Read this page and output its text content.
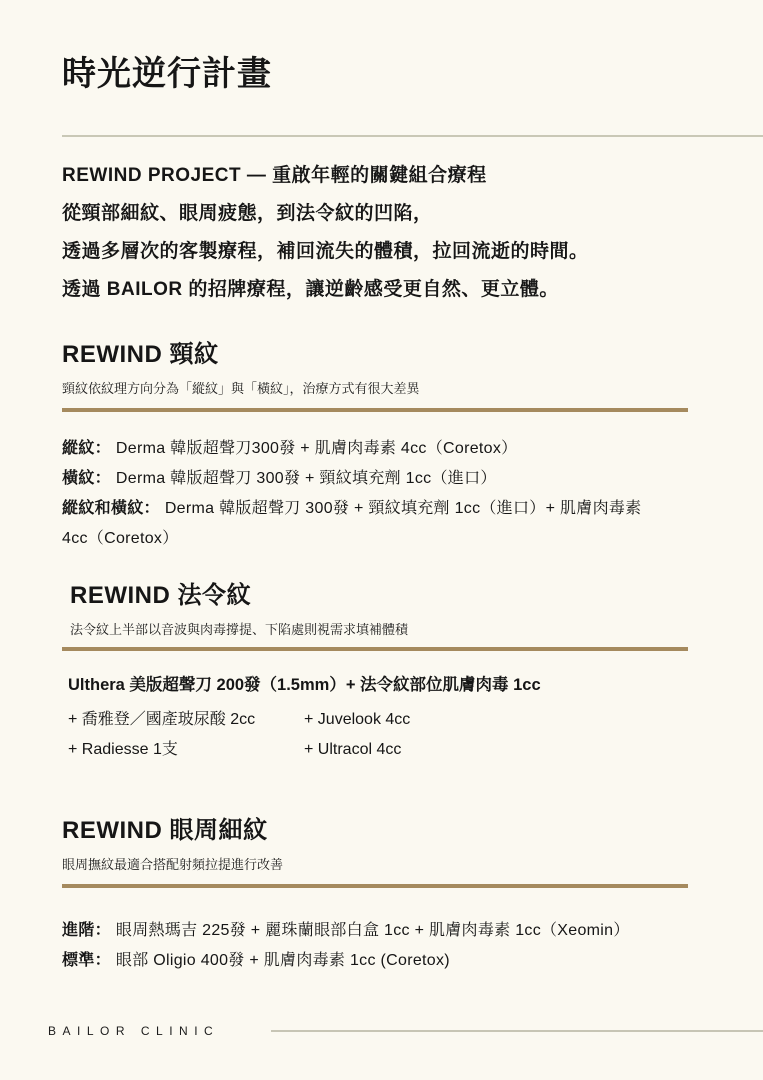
時光逆行計畫

REWIND PROJECT — 重啟年輕的關鍵組合療程

從頸部細紋、眼周疲態，到法令紋的凹陷，

透過多層次的客製療程，補回流失的體積，拉回流逝的時間。

透過 BAILOR 的招牌療程，讓逆齡感受更自然、更立體。

REWIND 頸紋

頸紋依紋理方向分為「縱紋」與「橫紋」，治療方式有很大差異

縱紋： Derma 韓版超聲刀300發 + 肌膚肉毒素 4cc（Coretox）

橫紋： Derma 韓版超聲刀 300發 + 頸紋填充劑 1cc（進口）

縱紋和橫紋： Derma 韓版超聲刀 300發 + 頸紋填充劑 1cc（進口）+ 肌膚肉毒素
4cc（Coretox）

REWIND 法令紋

法令紋上半部以音波與肉毒撐提、下陷處則視需求填補體積

Ulthera 美版超聲刀 200發（1.5mm）+ 法令紋部位肌膚肉毒 1cc

+ 喬雅登／國產玻尿酸 2cc

+ Radiesse 1支

+ Juvelook 4cc

+ Ultracol 4cc

REWIND 眼周細紋

眼周撫紋最適合搭配射頻拉提進行改善

進階： 眼周熱瑪吉 225發 + 麗珠蘭眼部白盒 1cc + 肌膚肉毒素 1cc（Xeomin）

標準： 眼部 Oligio 400發 + 肌膚肉毒素 1cc (Coretox)

BAILOR CLINIC
